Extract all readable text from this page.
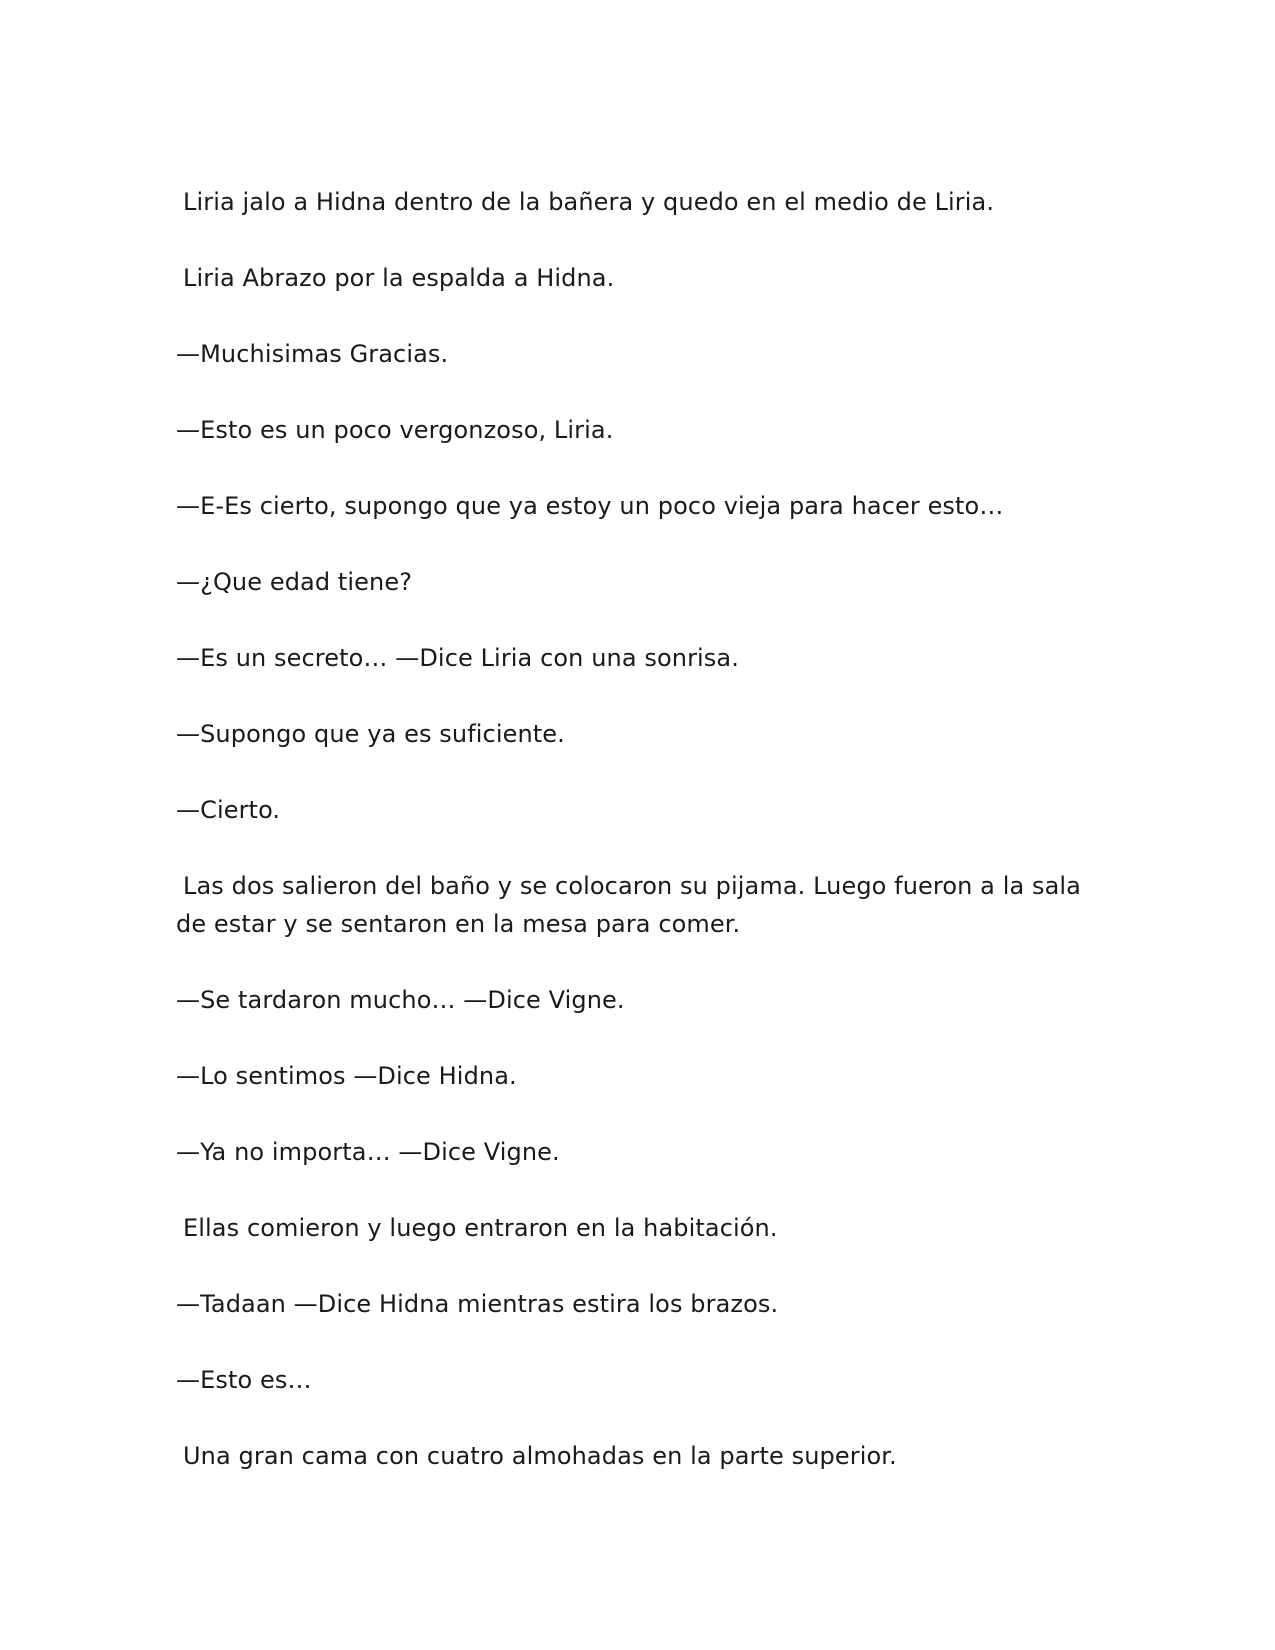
Liria jalo a Hidna dentro de la bañera y quedo en el medio de Liria.

Liria Abrazo por la espalda a Hidna.

—Muchisimas Gracias.

—Esto es un poco vergonzoso, Liria.

—E-Es cierto, supongo que ya estoy un poco vieja para hacer esto…

—¿Que edad tiene?

—Es un secreto… —Dice Liria con una sonrisa.

—Supongo que ya es suficiente.

—Cierto.

Las dos salieron del baño y se colocaron su pijama. Luego fueron a la sala de estar y se sentaron en la mesa para comer.

—Se tardaron mucho… —Dice Vigne.

—Lo sentimos —Dice Hidna.

—Ya no importa… —Dice Vigne.

Ellas comieron y luego entraron en la habitación.

—Tadaan —Dice Hidna mientras estira los brazos.

—Esto es…

Una gran cama con cuatro almohadas en la parte superior.
